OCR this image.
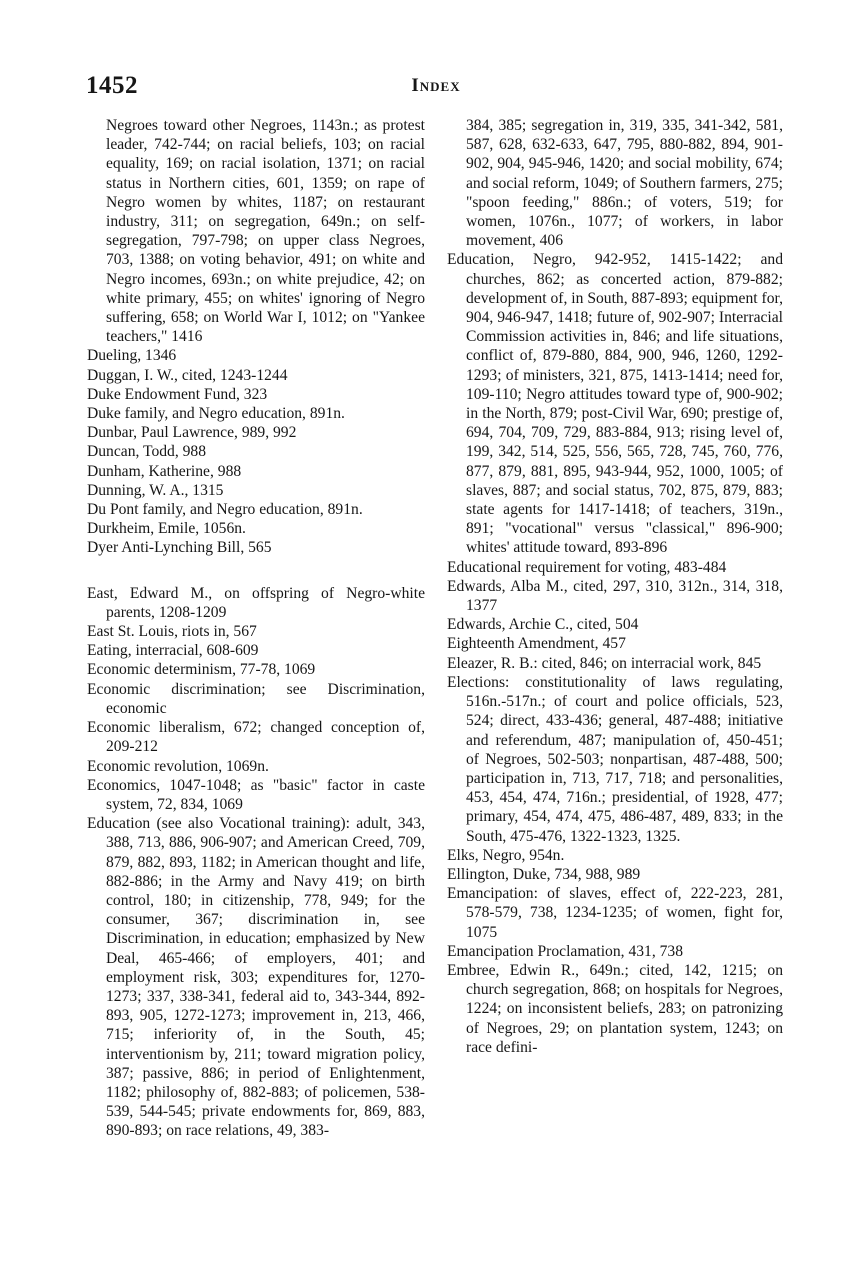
1452	Index

Negroes toward other Negroes, 1143n.; as protest leader, 742-744; on racial beliefs, 103; on racial equality, 169; on racial isolation, 1371; on racial status in Northern cities, 601, 1359; on rape of Negro women by whites, 1187; on restaurant industry, 311; on segregation, 649n.; on self-segregation, 797-798; on upper class Negroes, 703, 1388; on voting behavior, 491; on white and Negro incomes, 693n.; on white prejudice, 42; on white primary, 455; on whites' ignoring of Negro suffering, 658; on World War I, 1012; on "Yankee teachers," 1416

Dueling, 1346

Duggan, I. W., cited, 1243-1244

Duke Endowment Fund, 323

Duke family, and Negro education, 891n.

Dunbar, Paul Lawrence, 989, 992

Duncan, Todd, 988

Dunham, Katherine, 988

Dunning, W. A., 1315

Du Pont family, and Negro education, 891n.

Durkheim, Emile, 1056n.

Dyer Anti-Lynching Bill, 565

East, Edward M., on offspring of Negro-white parents, 1208-1209

East St. Louis, riots in, 567

Eating, interracial, 608-609

Economic determinism, 77-78, 1069

Economic discrimination; see Discrimination, economic

Economic liberalism, 672; changed conception of, 209-212

Economic revolution, 1069n.

Economics, 1047-1048; as "basic" factor in caste system, 72, 834, 1069

Education (see also Vocational training): adult, 343, 388, 713, 886, 906-907; and American Creed, 709, 879, 882, 893, 1182; in American thought and life, 882-886; in the Army and Navy 419; on birth control, 180; in citizenship, 778, 949; for the consumer, 367; discrimination in, see Discrimination, in education; emphasized by New Deal, 465-466; of employers, 401; and employment risk, 303; expenditures for, 1270-1273; 337, 338-341, federal aid to, 343-344, 892-893, 905, 1272-1273; improvement in, 213, 466, 715; inferiority of, in the South, 45; interventionism by, 211; toward migration policy, 387; passive, 886; in period of Enlightenment, 1182; philosophy of, 882-883; of policemen, 538-539, 544-545; private endowments for, 869, 883, 890-893; on race relations, 49, 383-

384, 385; segregation in, 319, 335, 341-342, 581, 587, 628, 632-633, 647, 795, 880-882, 894, 901-902, 904, 945-946, 1420; and social mobility, 674; and social reform, 1049; of Southern farmers, 275; "spoon feeding," 886n.; of voters, 519; for women, 1076n., 1077; of workers, in labor movement, 406

Education, Negro, 942-952, 1415-1422; and churches, 862; as concerted action, 879-882; development of, in South, 887-893; equipment for, 904, 946-947, 1418; future of, 902-907; Interracial Commission activities in, 846; and life situations, conflict of, 879-880, 884, 900, 946, 1260, 1292-1293; of ministers, 321, 875, 1413-1414; need for, 109-110; Negro attitudes toward type of, 900-902; in the North, 879; post-Civil War, 690; prestige of, 694, 704, 709, 729, 883-884, 913; rising level of, 199, 342, 514, 525, 556, 565, 728, 745, 760, 776, 877, 879, 881, 895, 943-944, 952, 1000, 1005; of slaves, 887; and social status, 702, 875, 879, 883; state agents for 1417-1418; of teachers, 319n., 891; "vocational" versus "classical," 896-900; whites' attitude toward, 893-896

Educational requirement for voting, 483-484

Edwards, Alba M., cited, 297, 310, 312n., 314, 318, 1377

Edwards, Archie C., cited, 504

Eighteenth Amendment, 457

Eleazer, R. B.: cited, 846; on interracial work, 845

Elections: constitutionality of laws regulating, 516n.-517n.; of court and police officials, 523, 524; direct, 433-436; general, 487-488; initiative and referendum, 487; manipulation of, 450-451; of Negroes, 502-503; nonpartisan, 487-488, 500; participation in, 713, 717, 718; and personalities, 453, 454, 474, 716n.; presidential, of 1928, 477; primary, 454, 474, 475, 486-487, 489, 833; in the South, 475-476, 1322-1323, 1325.

Elks, Negro, 954n.

Ellington, Duke, 734, 988, 989

Emancipation: of slaves, effect of, 222-223, 281, 578-579, 738, 1234-1235; of women, fight for, 1075

Emancipation Proclamation, 431, 738

Embree, Edwin R., 649n.; cited, 142, 1215; on church segregation, 868; on hospitals for Negroes, 1224; on inconsistent beliefs, 283; on patronizing of Negroes, 29; on plantation system, 1243; on race defini-
